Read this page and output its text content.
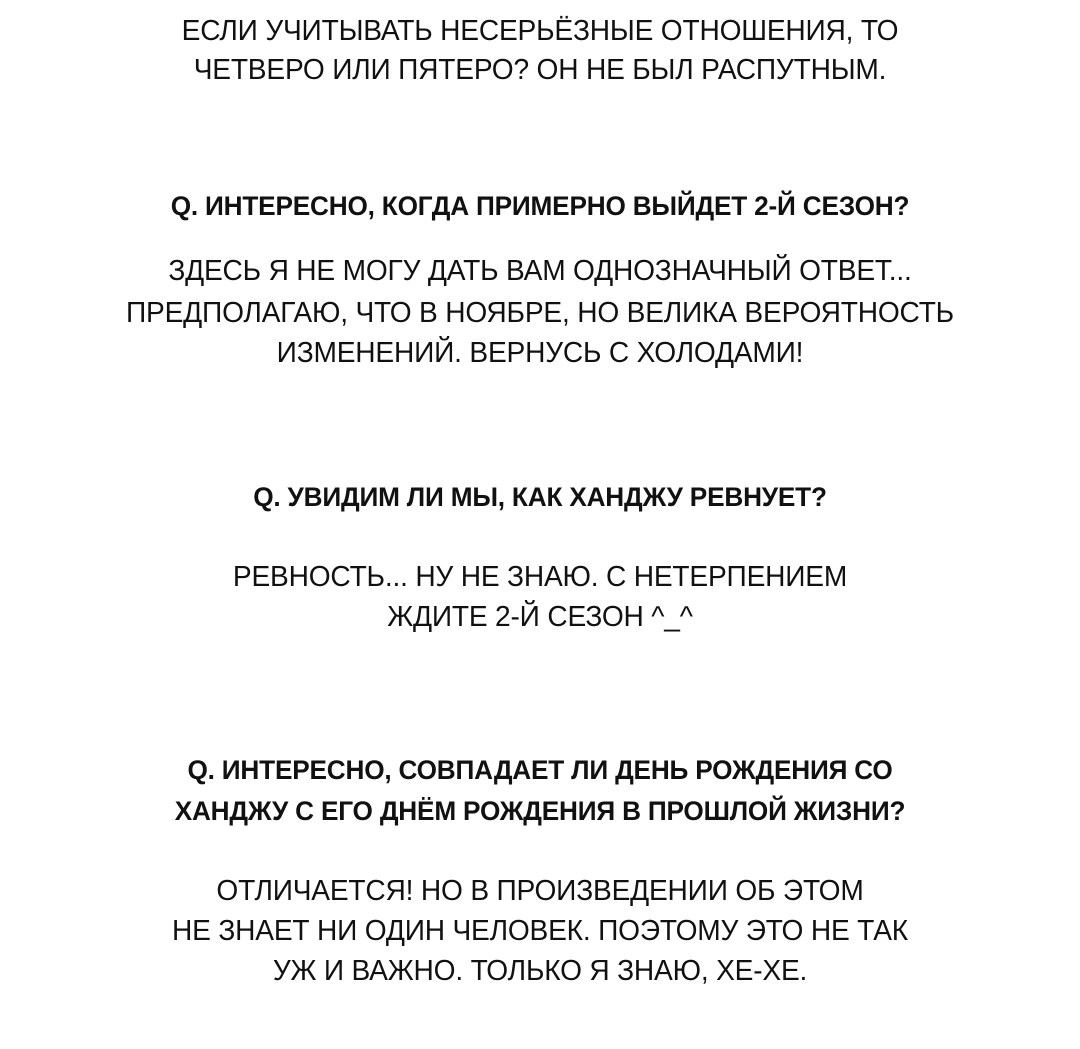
ЕСЛИ УЧИТЫВАТЬ НЕСЕРЬЁЗНЫЕ ОТНОШЕНИЯ, ТО
ЧЕТВЕРО ИЛИ ПЯТЕРО? ОН НЕ БЫЛ РАСПУТНЫМ.
Q. ИНТЕРЕСНО, КОГДА ПРИМЕРНО ВЫЙДЕТ 2-Й СЕЗОН?
ЗДЕСЬ Я НЕ МОГУ ДАТЬ ВАМ ОДНОЗНАЧНЫЙ ОТВЕТ...
ПРЕДПОЛАГАЮ, ЧТО В НОЯБРЕ, НО ВЕЛИКА ВЕРОЯТНОСТЬ
ИЗМЕНЕНИЙ. ВЕРНУСЬ С ХОЛОДАМИ!
Q. УВИДИМ ЛИ МЫ, КАК ХАНДЖУ РЕВНУЕТ?
РЕВНОСТЬ... НУ НЕ ЗНАЮ. С НЕТЕРПЕНИЕМ
ЖДИТЕ 2-Й СЕЗОН ^_^
Q. ИНТЕРЕСНО, СОВПАДАЕТ ЛИ ДЕНЬ РОЖДЕНИЯ СО
ХАНДЖУ С ЕГО ДНЁМ РОЖДЕНИЯ В ПРОШЛОЙ ЖИЗНИ?
ОТЛИЧАЕТСЯ! НО В ПРОИЗВЕДЕНИИ ОБ ЭТОМ
НЕ ЗНАЕТ НИ ОДИН ЧЕЛОВЕК. ПОЭТОМУ ЭТО НЕ ТАК
УЖ И ВАЖНО. ТОЛЬКО Я ЗНАЮ, ХЕ-ХЕ.
